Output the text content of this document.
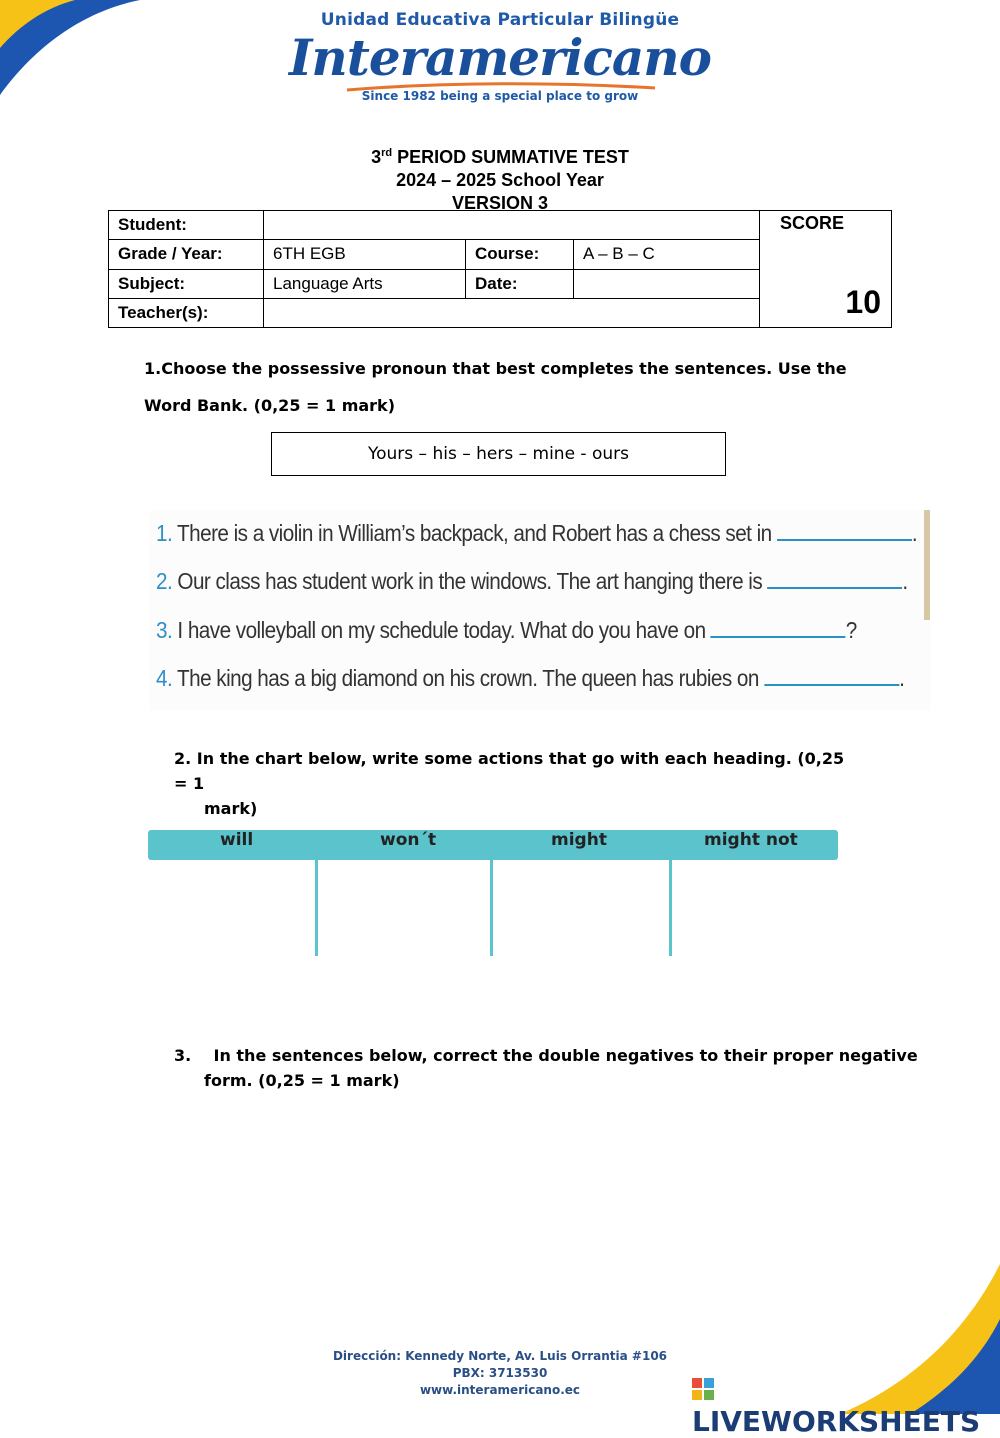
Unidad Educativa Particular Bilingüe
Interamericano
Since 1982 being a special place to grow
3rd PERIOD SUMMATIVE TEST
2024 – 2025 School Year
VERSION 3
Student:				SCORE
10

Grade / Year:	6TH EGB	Course:	A – B – C	
Subject:	Language Arts	Date:		
Teacher(s):				
1.Choose the possessive pronoun that best completes the sentences. Use the Word Bank. (0,25 = 1 mark)
Yours – his – hers – mine - ours
1. There is a violin in William’s backpack, and Robert has a chess set in	.
2. Our class has student work in the windows. The art hanging there is	.
3. I have volleyball on my schedule today. What do you have on	?
4. The king has a big diamond on his crown. The queen has rubies on	.
2. In the chart below, write some actions that go with each heading. (0,25 = 1
mark)
will	won´t	might	might not
3.    In the sentences below, correct the double negatives to their proper negative
form. (0,25 = 1 mark)
Dirección: Kennedy Norte, Av. Luis Orrantia #106
PBX: 3713530
www.interamericano.ec
LIVEWORKSHEETS
